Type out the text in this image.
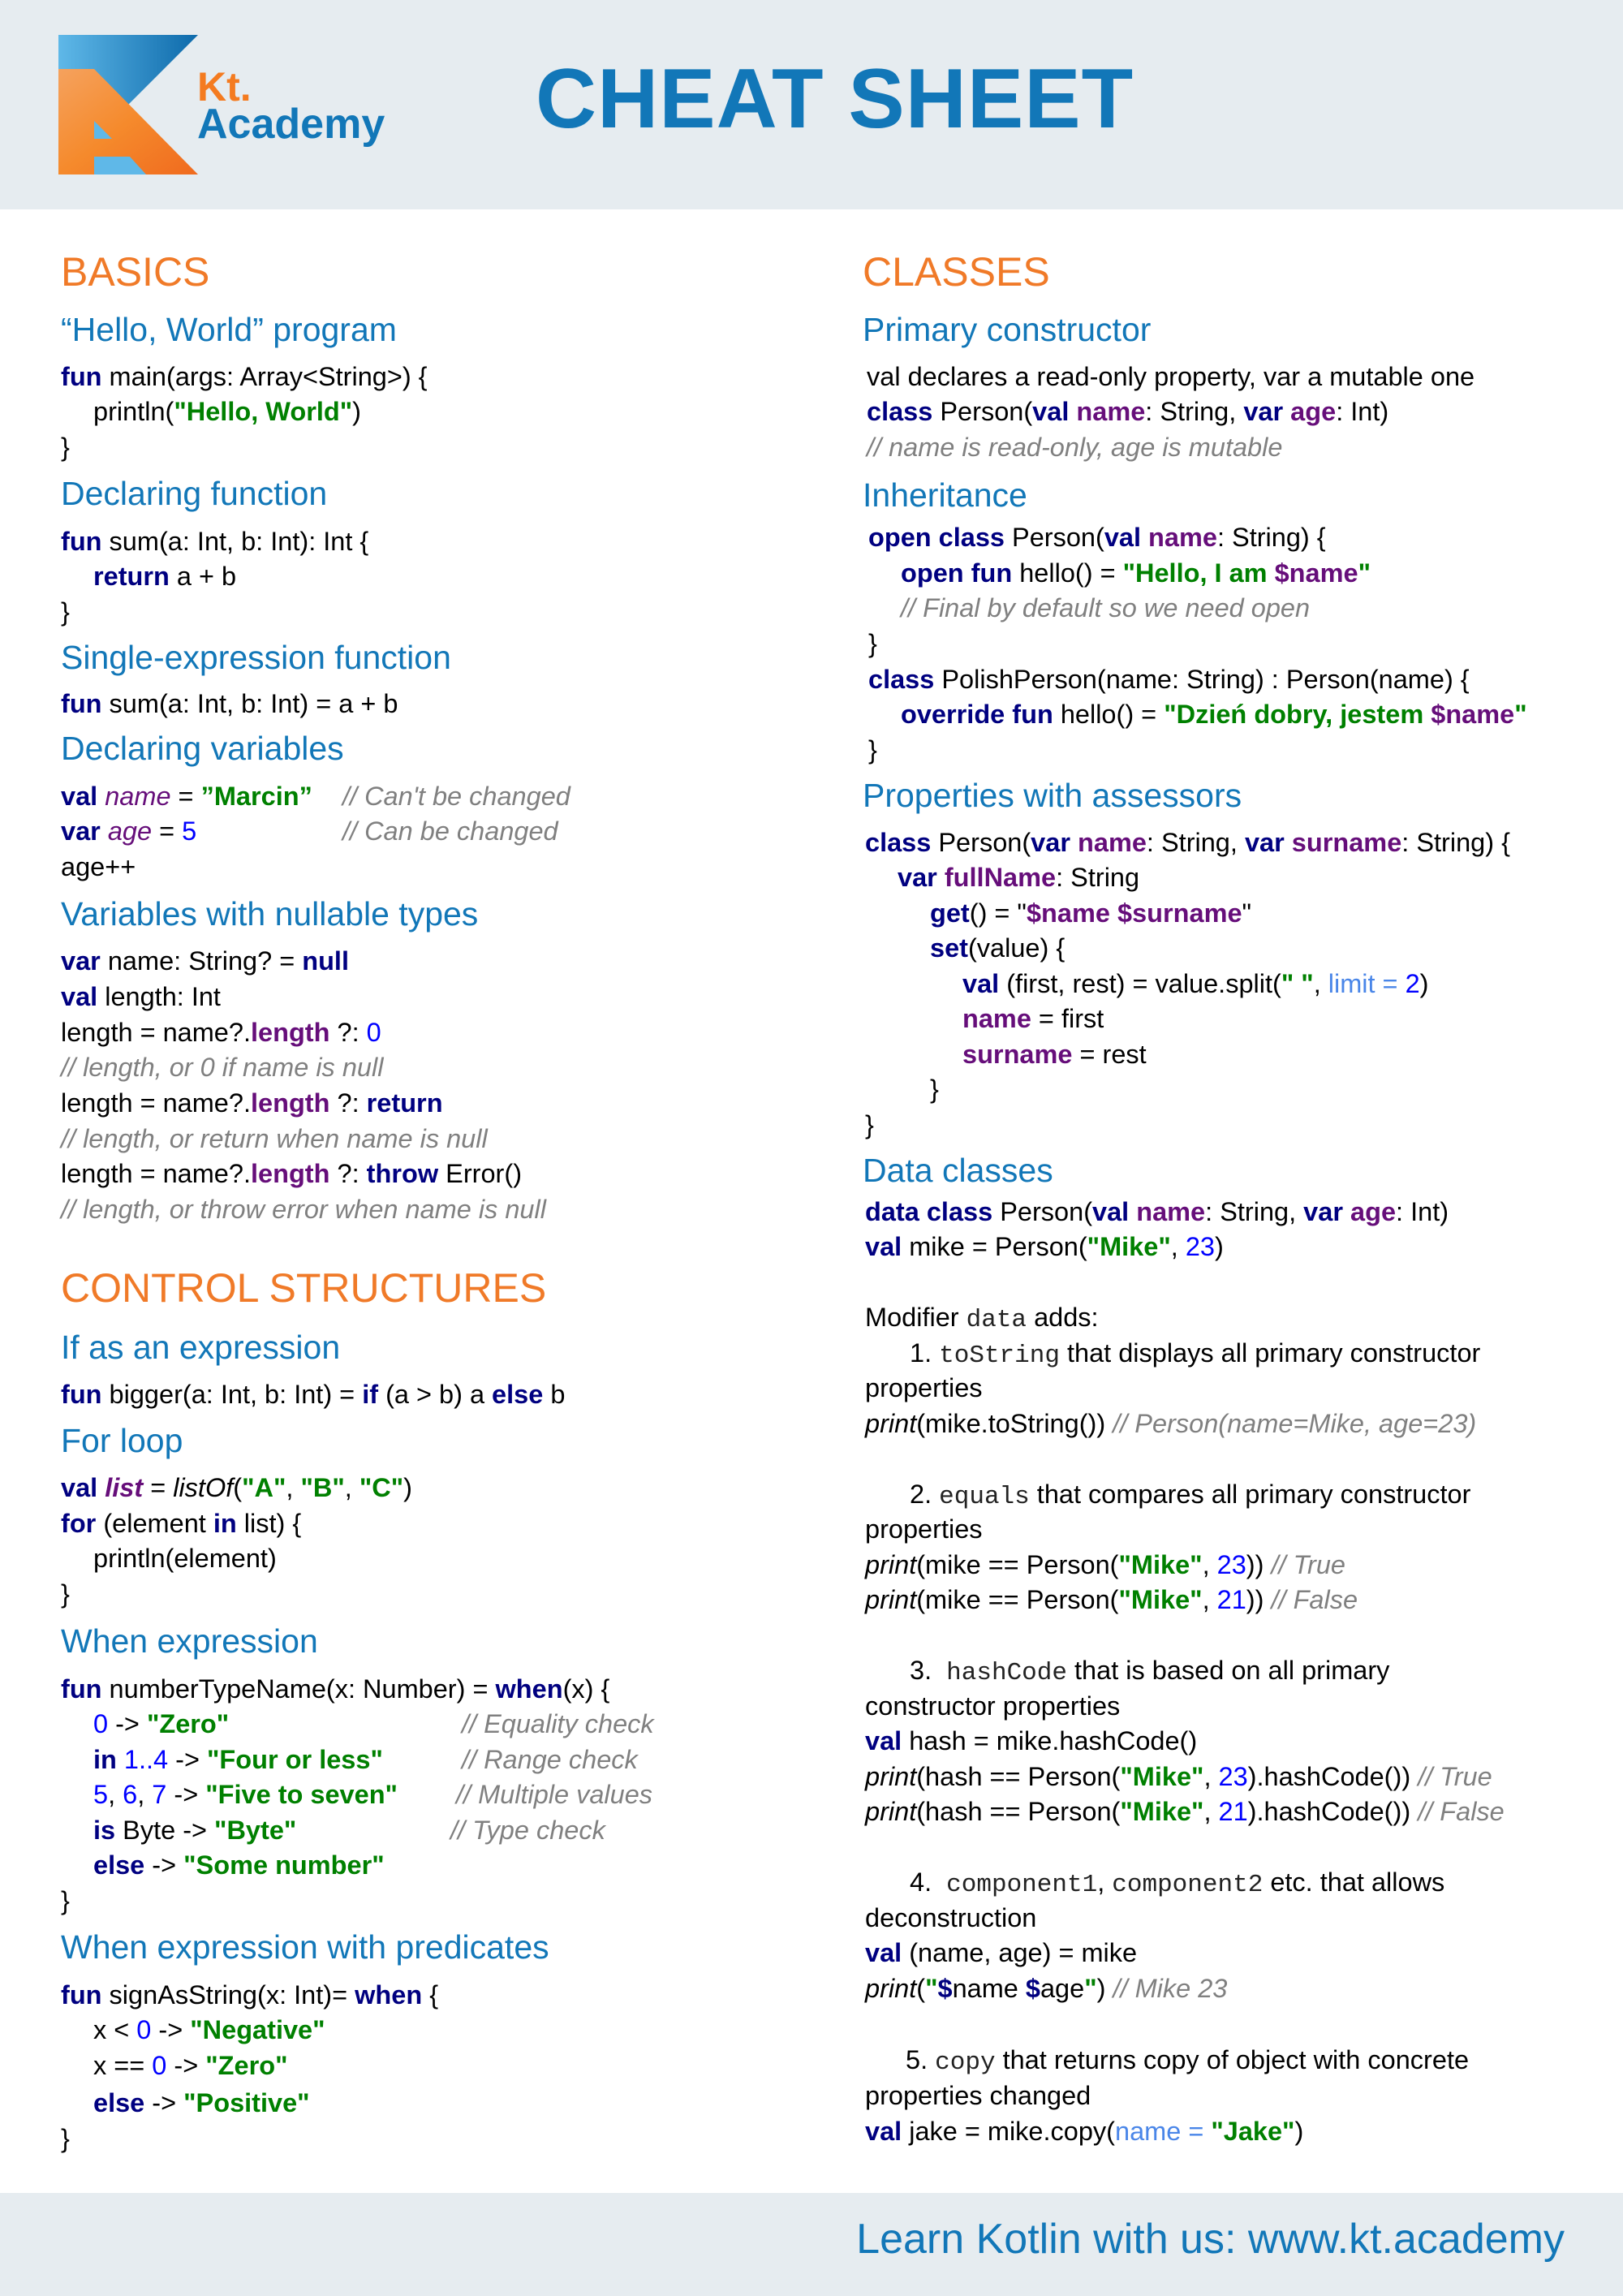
Kt.
Academy CHEAT SHEET
BASICS
“Hello, World” program
fun main(args: Array<String>) {
println("Hello, World")
}
Declaring function
fun sum(a: Int, b: Int): Int {
return a + b
}
Single-expression function
fun sum(a: Int, b: Int) = a + b
Declaring variables
val name = ”Marcin” // Can't be changed
var age = 5	// Can be changed
age++
Variables with nullable types
var name: String? = null
val length: Int
length = name?.length ?: 0
// length, or 0 if name is null
length = name?.length ?: return
// length, or return when name is null
length = name?.length ?: throw Error()
// length, or throw error when name is null
CONTROL STRUCTURES
If as an expression
fun bigger(a: Int, b: Int) = if (a > b) a else b
For loop
val list = listOf("A", "B", "C")
for (element in list) {
println(element)
}
When expression
fun numberTypeName(x: Number) = when(x) {
0 -> "Zero"	// Equality check
in 1..4 -> "Four or less"	// Range check
5, 6, 7 -> "Five to seven" // Multiple values
is Byte -> "Byte"	// Type check
else -> "Some number"
}
When expression with predicates
fun signAsString(x: Int)= when {
x < 0 -> "Negative"
x == 0 -> "Zero"
else -> "Positive"
}
CLASSES
Primary constructor
val declares a read-only property, var a mutable one
class Person(val name: String, var age: Int)
// name is read-only, age is mutable
Inheritance
open class Person(val name: String) {
open fun hello() = "Hello, I am $name"
// Final by default so we need open
}
class PolishPerson(name: String) : Person(name) {
override fun hello() = "Dzień dobry, jestem $name"
}
Properties with assessors
class Person(var name: String, var surname: String) {
var fullName: String
get() = "$name $surname"
set(value) {
val (first, rest) = value.split(" ", limit = 2)
name = first
surname = rest
}
}
Data classes
data class Person(val name: String, var age: Int)
val mike = Person("Mike", 23)
Modifier data adds:
1. toString that displays all primary constructor
properties
print(mike.toString()) // Person(name=Mike, age=23)
2. equals that compares all primary constructor
properties
print(mike == Person("Mike", 23)) // True
print(mike == Person("Mike", 21)) // False
3. hashCode that is based on all primary
constructor properties
val hash = mike.hashCode()
print(hash == Person("Mike", 23).hashCode()) // True
print(hash == Person("Mike", 21).hashCode()) // False
4. component1, component2 etc. that allows
deconstruction
val (name, age) = mike
print("$name $age") // Mike 23
5. copy that returns copy of object with concrete
properties changed
val jake = mike.copy(name = "Jake")
Learn Kotlin with us: www.kt.academy
